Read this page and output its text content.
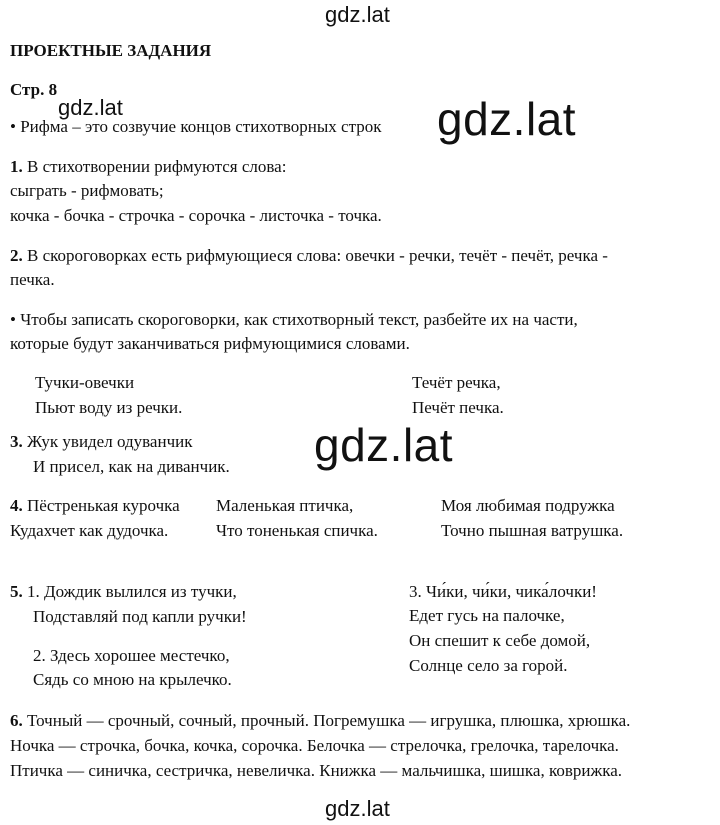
gdz.lat
gdz.lat	gdz.lat
gdz.lat
gdz.lat
ПРОЕКТНЫЕ ЗАДАНИЯ
Стр. 8
• Рифма – это созвучие концов стихотворных строк
1. В стихотворении рифмуются слова:
сыграть - рифмовать;
кочка - бочка - строчка - сорочка - листочка - точка.
2. В скороговорках есть рифмующиеся слова: овечки - речки, течёт - печёт, речка -
печка.
• Чтобы записать скороговорки, как стихотворный текст, разбейте их на части,
которые будут заканчиваться рифмующимися словами.
Тучки-овечки
Пьют воду из речки.
Течёт речка,
Печёт печка.
3. Жук увидел одуванчик
И присел, как на диванчик.
4. Пёстренькая курочка
Кудахчет как дудочка.
Маленькая птичка,
Что тоненькая спичка.
Моя любимая подружка
Точно пышная ватрушка.
5. 1. Дождик вылился из тучки,
Подставляй под капли ручки!
2. Здесь хорошее местечко,
Сядь со мною на крылечко.
3. Чи́ки, чи́ки, чика́лочки!
Едет гусь на палочке,
Он спешит к себе домой,
Солнце село за горой.
6. Точный — срочный, сочный, прочный. Погремушка — игрушка, плюшка, хрюшка.
Ночка — строчка, бочка, кочка, сорочка. Белочка — стрелочка, грелочка, тарелочка.
Птичка — синичка, сестричка, невеличка. Книжка — мальчишка, шишка, коврижка.
